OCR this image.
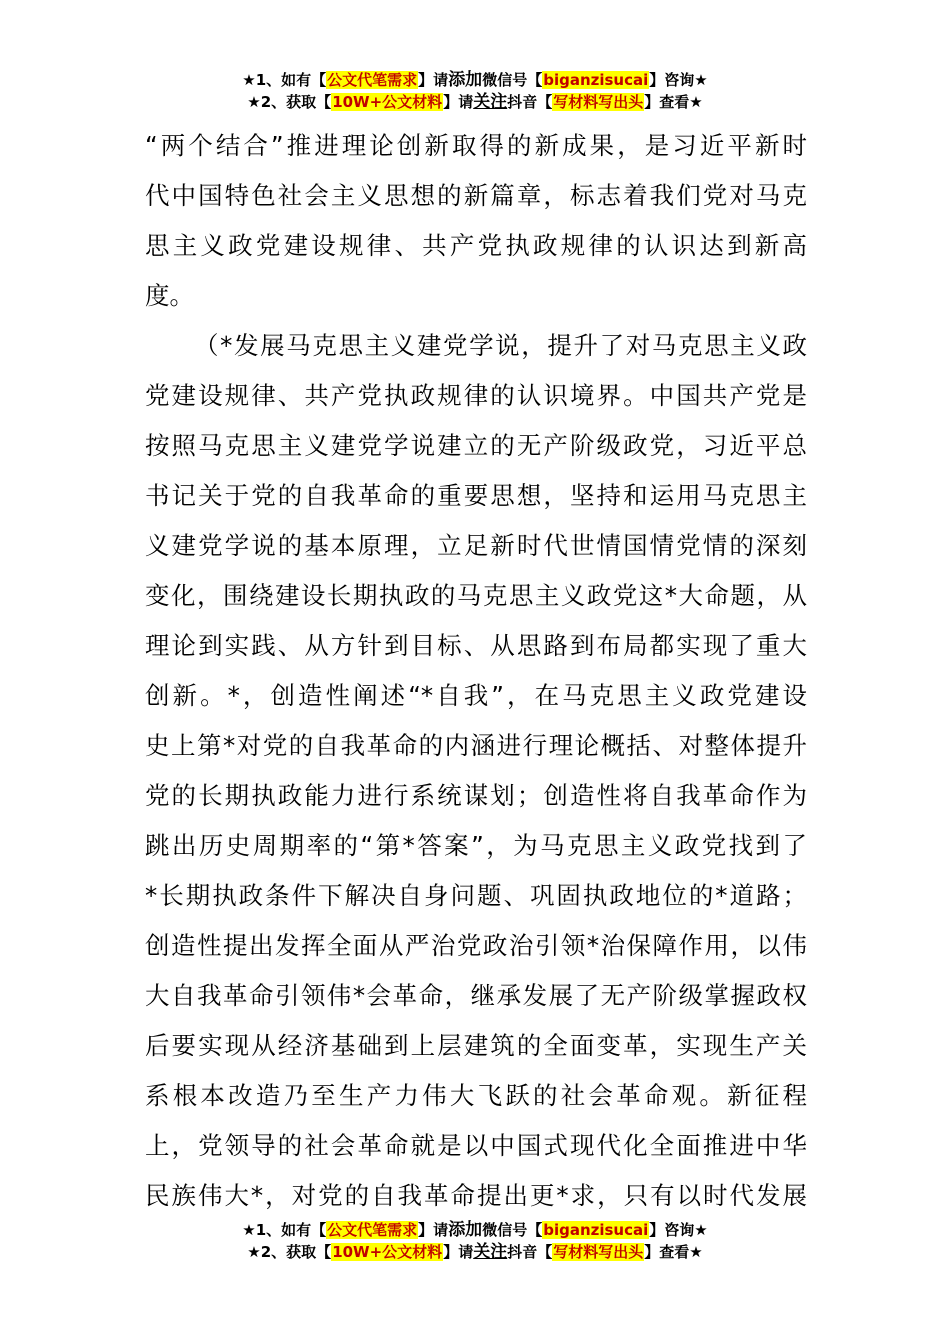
★1、如有【公文代笔需求】请添加微信号【biganzisucai】咨询★
★2、获取【10W+公文材料】请关注抖音【写材料写出头】查看★
“两个结合”推进理论创新取得的新成果，是习近平新时
代中国特色社会主义思想的新篇章，标志着我们党对马克
思主义政党建设规律、共产党执政规律的认识达到新高
度。
（*发展马克思主义建党学说，提升了对马克思主义政
党建设规律、共产党执政规律的认识境界。中国共产党是
按照马克思主义建党学说建立的无产阶级政党，习近平总
书记关于党的自我革命的重要思想，坚持和运用马克思主
义建党学说的基本原理，立足新时代世情国情党情的深刻
变化，围绕建设长期执政的马克思主义政党这*大命题，从
理论到实践、从方针到目标、从思路到布局都实现了重大
创新。*，创造性阐述“*自我”，在马克思主义政党建设
史上第*对党的自我革命的内涵进行理论概括、对整体提升
党的长期执政能力进行系统谋划；创造性将自我革命作为
跳出历史周期率的“第*答案”，为马克思主义政党找到了
*长期执政条件下解决自身问题、巩固执政地位的*道路；
创造性提出发挥全面从严治党政治引领*治保障作用，以伟
大自我革命引领伟*会革命，继承发展了无产阶级掌握政权
后要实现从经济基础到上层建筑的全面变革，实现生产关
系根本改造乃至生产力伟大飞跃的社会革命观。新征程
上，党领导的社会革命就是以中国式现代化全面推进中华
民族伟大*，对党的自我革命提出更*求，只有以时代发展
★1、如有【公文代笔需求】请添加微信号【biganzisucai】咨询★
★2、获取【10W+公文材料】请关注抖音【写材料写出头】查看★
